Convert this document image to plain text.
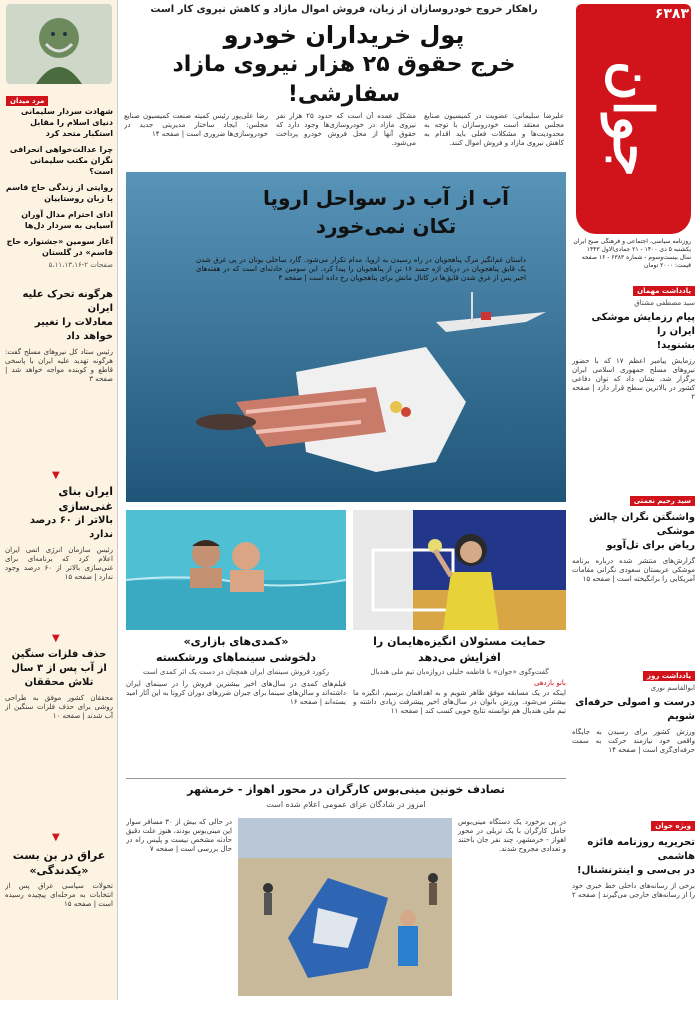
جوان
۶۳۸۳
روزنامه سیاسی، اجتماعی و فرهنگی صبح ایران
یکشنبه ۵ دی ۱۴۰۰ - ۲۱ جمادی‌الاول ۱۴۴۳
سال بیست‌وسوم - شماره ۶۳۸۳ - ۱۶ صفحه
قیمت: ۲۰۰۰ تومان
مرد میدان
شهادت سردار سلیمانی دنیای اسلام را مقابل استکبار متحد کرد
چرا عدالت‌خواهی انحرافی نگران مکتب سلیمانی است؟
روایتی از زندگی حاج قاسم با زبان روستاییان
ادای احترام مدال آوران آسیایی به سردار دل‌ها
آغاز سومین «جشنواره حاج قاسم» در گلستان
صفحات ۲-۵،۱۱،۱۳،۱۶
هرگونه تحرک علیه ایران
معادلات را تغییر خواهد داد
رئیس ستاد کل نیروهای مسلح گفت: هرگونه تهدید علیه ایران با پاسخی قاطع و کوبنده مواجه خواهد شد | صفحه ۳
▼
ایران بنای غنی‌سازی
بالاتر از ۶۰ درصد ندارد
رئیس سازمان انرژی اتمی ایران اعلام کرد که برنامه‌ای برای غنی‌سازی بالاتر از ۶۰ درصد وجود ندارد | صفحه ۱۵
▼
حذف فلزات سنگین
از آب پس از ۳ سال
تلاش محققان
محققان کشور موفق به طراحی روشی برای حذف فلزات سنگین از آب شدند | صفحه ۱۰
▼
عراق در بن بست
«یکدندگی»
تحولات سیاسی عراق پس از انتخابات به مرحله‌ای پیچیده رسیده است | صفحه ۱۵
راهکار خروج خودروسازان از زیان، فروش اموال مازاد و کاهش نیروی کار است
پول خریداران خودرو
خرج حقوق ۲۵ هزار نیروی مازاد سفارشی!
علیرضا سلیمانی: عضویت در کمیسیون صنایع مجلس معتقد است خودروسازان با توجه به محدودیت‌ها و مشکلات فعلی باید اقدام به کاهش نیروی مازاد و فروش اموال کنند.
مشکل عمده آن است که حدود ۲۵ هزار نفر نیروی مازاد در خودروسازی‌ها وجود دارد که حقوق آنها از محل فروش خودرو پرداخت می‌شود.
رضا علی‌پور رئیس کمیته صنعت کمیسیون صنایع مجلس: ایجاد ساختار مدیریتی جدید در خودروسازی‌ها ضروری است | صفحه ۱۴
آب از آب در سواحل اروپا
تکان نمی‌خورد
داستان غم‌انگیز مرگ پناهجویان در راه رسیدن به اروپا، مدام تکرار می‌شود. گارد ساحلی یونان در پی غرق شدن یک قایق پناهجویان در دریای اژه جسد ۱۶ تن از پناهجویان را پیدا کرد. این سومین حادثه‌ای است که در هفته‌های اخیر پس از غرق شدن قایق‌ها در کانال مانش برای پناهجویان رخ داده است | صفحه ۳
حمایت مسئولان انگیزه‌هایمان را
افزایش می‌دهد
گفت‌وگوی «جوان» با فاطمه خلیلی دروازه‌بان تیم ملی هندبال
بانو بازدهی
اینکه در یک مسابقه موفق ظاهر شویم و به اهدافمان برسیم، انگیزه ما بیشتر می‌شود. ورزش بانوان در سال‌های اخیر پیشرفت زیادی داشته و تیم ملی هندبال هم توانسته نتایج خوبی کسب کند | صفحه ۱۱
«کمدی‌های بازاری»
دلخوشی سینماهای ورشکسته
رکورد فروش سینمای ایران همچنان در دست یک اثر کمدی است
فیلم‌های کمدی در سال‌های اخیر بیشترین فروش را در سینمای ایران داشته‌اند و سالن‌های سینما برای جبران ضررهای دوران کرونا به این آثار امید بسته‌اند | صفحه ۱۶
تصادف خونین مینی‌بوس کارگران در محور اهواز - خرمشهر
امروز در شادگان عزای عمومی اعلام شده است
در پی برخورد یک دستگاه مینی‌بوس حامل کارگران با یک تریلی در محور اهواز - خرمشهر، چند نفر جان باختند و تعدادی مجروح شدند.
در حالی که بیش از ۳۰ مسافر سوار این مینی‌بوس بودند، هنوز علت دقیق حادثه مشخص نیست و پلیس راه در حال بررسی است | صفحه ۷
یادداشت مهمان
سید مصطفی مشتاق
پیام رزمایش موشکی ایران را
بشنوید!
رزمایش پیامبر اعظم ۱۷ که با حضور نیروهای مسلح جمهوری اسلامی ایران برگزار شد، نشان داد که توان دفاعی کشور در بالاترین سطح قرار دارد | صفحه ۲
سید رحیم نعمتی
واشنگتن نگران چالش موشکی
ریاض برای تل‌آویو
گزارش‌های منتشر شده درباره برنامه موشکی عربستان سعودی نگرانی مقامات آمریکایی را برانگیخته است | صفحه ۱۵
یادداشت روز
ابوالقاسم نوری
درست و اصولی حرفه‌ای شویم
ورزش کشور برای رسیدن به جایگاه واقعی خود نیازمند حرکت به سمت حرفه‌ای‌گری است | صفحه ۱۴
ویژه جوان
تحریریه روزنامه فائزه هاشمی
در بی‌سی و اینترنشنال!
برخی از رسانه‌های داخلی خط خبری خود را از رسانه‌های خارجی می‌گیرند | صفحه ۲
